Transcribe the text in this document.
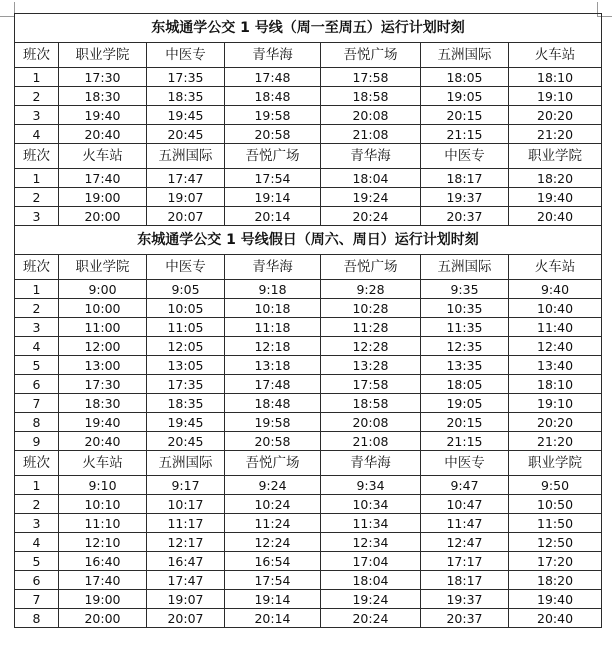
东城通学公交 1 号线（周一至周五）运行计划时刻						
班次	职业学院	中医专	青华海	吾悦广场	五洲国际	火车站
1	17:30	17:35	17:48	17:58	18:05	18:10
2	18:30	18:35	18:48	18:58	19:05	19:10
3	19:40	19:45	19:58	20:08	20:15	20:20
4	20:40	20:45	20:58	21:08	21:15	21:20
班次	火车站	五洲国际	吾悦广场	青华海	中医专	职业学院
1	17:40	17:47	17:54	18:04	18:17	18:20
2	19:00	19:07	19:14	19:24	19:37	19:40
3	20:00	20:07	20:14	20:24	20:37	20:40
东城通学公交 1 号线假日（周六、周日）运行计划时刻						
班次	职业学院	中医专	青华海	吾悦广场	五洲国际	火车站
1	9:00	9:05	9:18	9:28	9:35	9:40
2	10:00	10:05	10:18	10:28	10:35	10:40
3	11:00	11:05	11:18	11:28	11:35	11:40
4	12:00	12:05	12:18	12:28	12:35	12:40
5	13:00	13:05	13:18	13:28	13:35	13:40
6	17:30	17:35	17:48	17:58	18:05	18:10
7	18:30	18:35	18:48	18:58	19:05	19:10
8	19:40	19:45	19:58	20:08	20:15	20:20
9	20:40	20:45	20:58	21:08	21:15	21:20
班次	火车站	五洲国际	吾悦广场	青华海	中医专	职业学院
1	9:10	9:17	9:24	9:34	9:47	9:50
2	10:10	10:17	10:24	10:34	10:47	10:50
3	11:10	11:17	11:24	11:34	11:47	11:50
4	12:10	12:17	12:24	12:34	12:47	12:50
5	16:40	16:47	16:54	17:04	17:17	17:20
6	17:40	17:47	17:54	18:04	18:17	18:20
7	19:00	19:07	19:14	19:24	19:37	19:40
8	20:00	20:07	20:14	20:24	20:37	20:40
